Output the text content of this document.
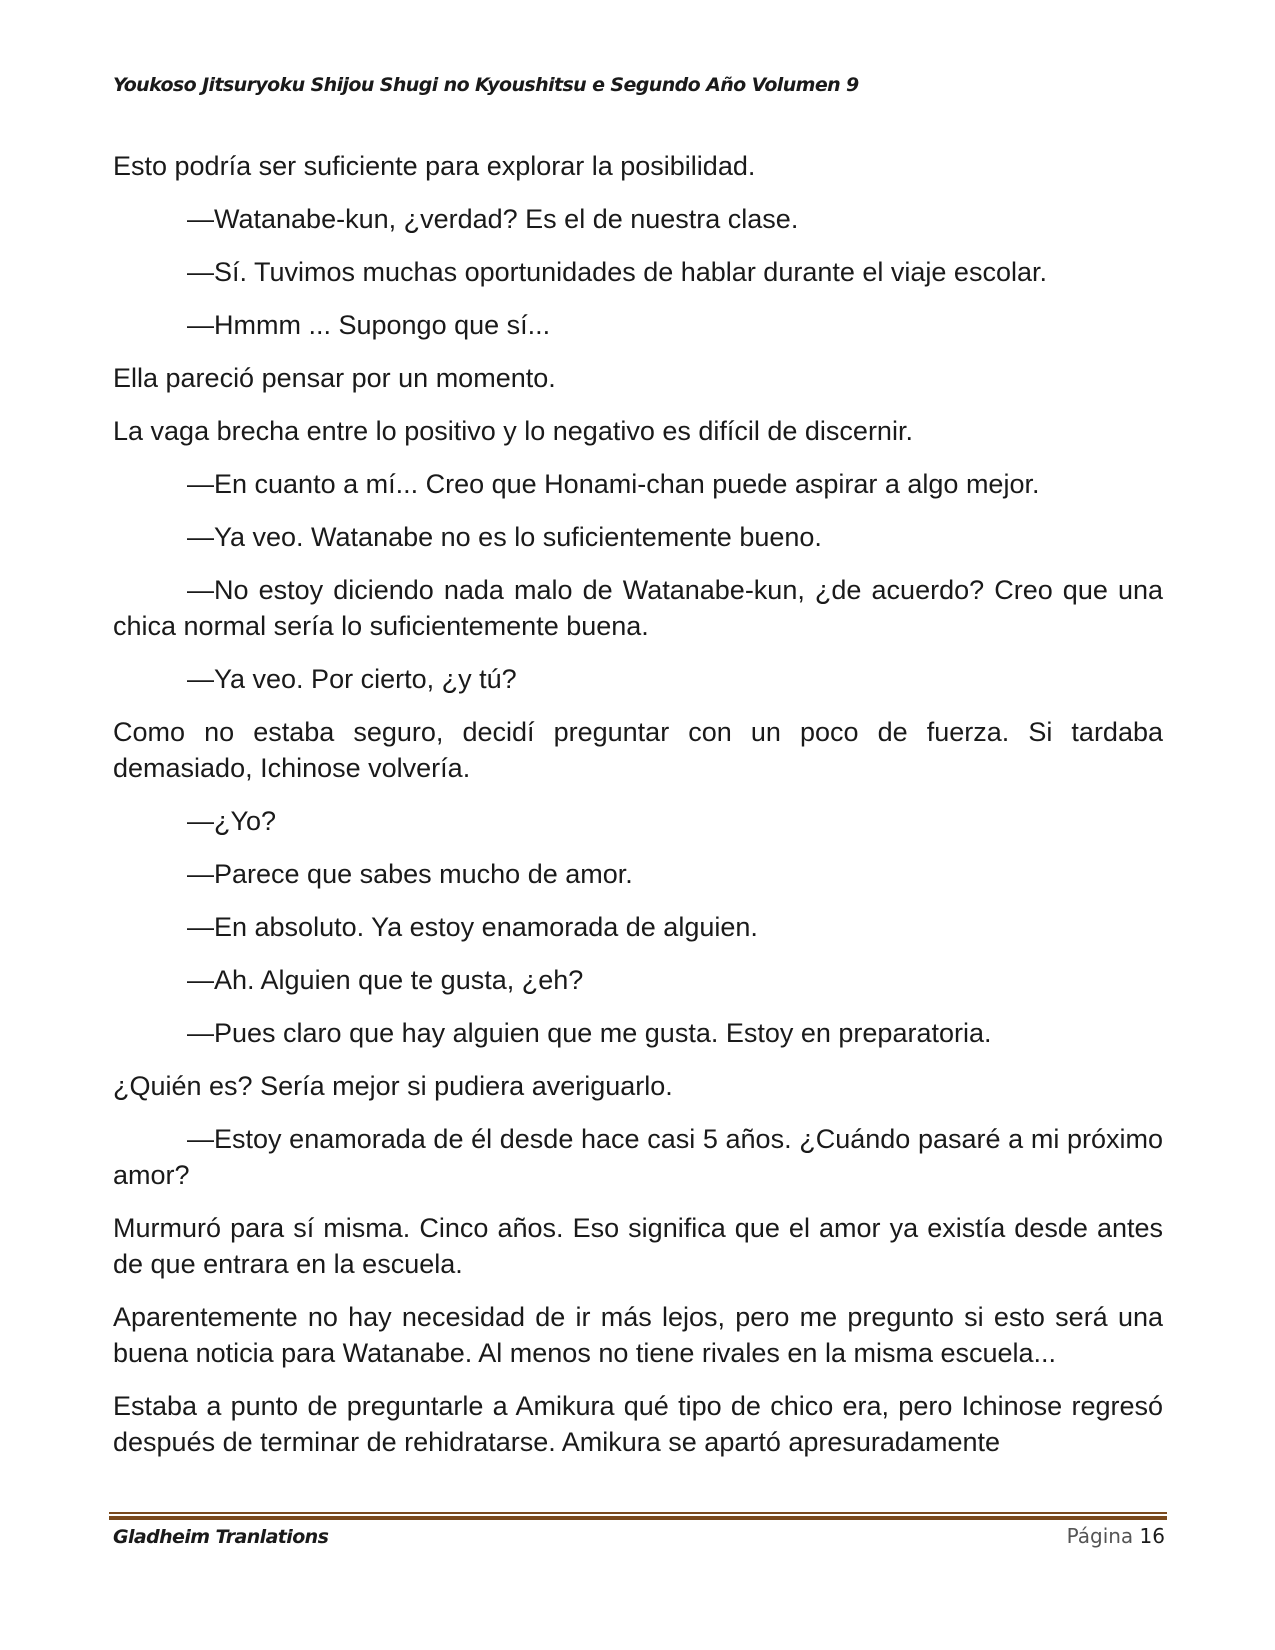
Youkoso Jitsuryoku Shijou Shugi no Kyoushitsu e Segundo Año Volumen 9

Esto podría ser suficiente para explorar la posibilidad.

—Watanabe-kun, ¿verdad? Es el de nuestra clase.

—Sí. Tuvimos muchas oportunidades de hablar durante el viaje escolar.

—Hmmm ... Supongo que sí...

Ella pareció pensar por un momento.

La vaga brecha entre lo positivo y lo negativo es difícil de discernir.

—En cuanto a mí... Creo que Honami-chan puede aspirar a algo mejor.

—Ya veo. Watanabe no es lo suficientemente bueno.

—No estoy diciendo nada malo de Watanabe-kun, ¿de acuerdo? Creo que una chica normal sería lo suficientemente buena.

—Ya veo. Por cierto, ¿y tú?

Como no estaba seguro, decidí preguntar con un poco de fuerza. Si tardaba demasiado, Ichinose volvería.

—¿Yo?

—Parece que sabes mucho de amor.

—En absoluto. Ya estoy enamorada de alguien.

—Ah. Alguien que te gusta, ¿eh?

—Pues claro que hay alguien que me gusta. Estoy en preparatoria.

¿Quién es? Sería mejor si pudiera averiguarlo.

—Estoy enamorada de él desde hace casi 5 años. ¿Cuándo pasaré a mi próximo amor?

Murmuró para sí misma. Cinco años. Eso significa que el amor ya existía desde antes de que entrara en la escuela.

Aparentemente no hay necesidad de ir más lejos, pero me pregunto si esto será una buena noticia para Watanabe. Al menos no tiene rivales en la misma escuela...

Estaba a punto de preguntarle a Amikura qué tipo de chico era, pero Ichinose regresó después de terminar de rehidratarse. Amikura se apartó apresuradamente

Gladheim Tranlations	Página 16
